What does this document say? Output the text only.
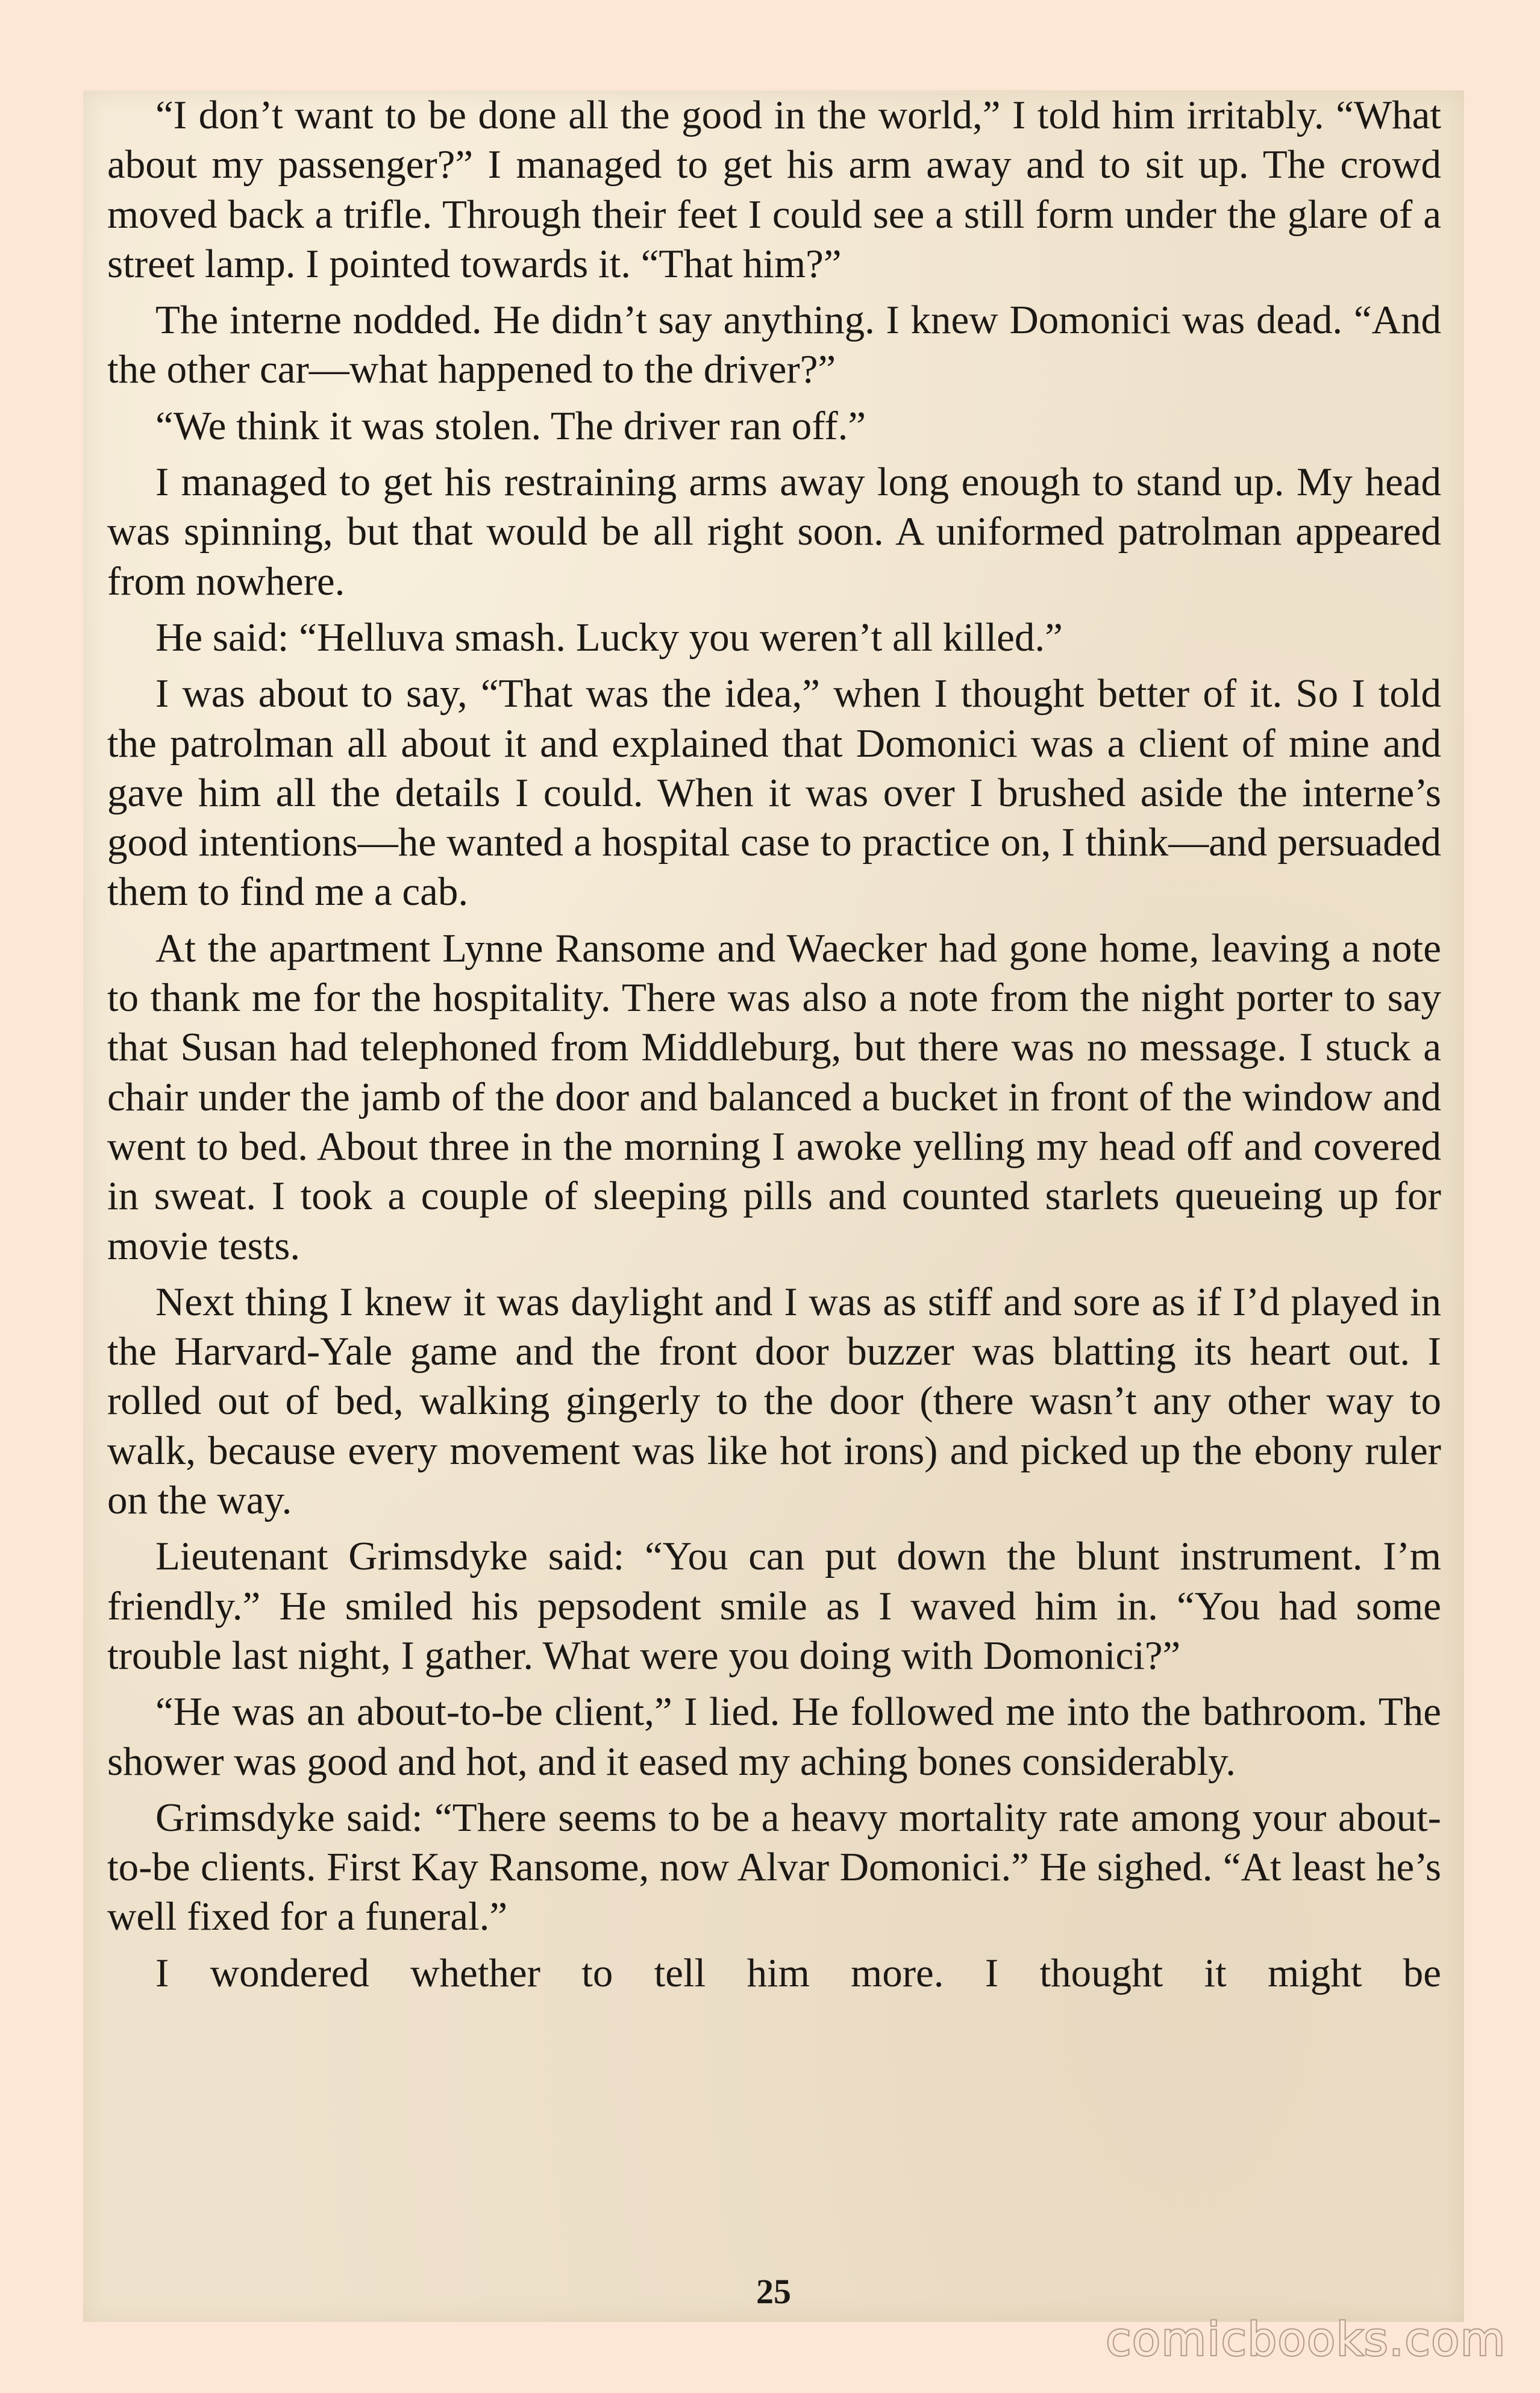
“I don’t want to be done all the good in the world,” I told him irritably. “What about my passenger?” I managed to get his arm away and to sit up. The crowd moved back a trifle. Through their feet I could see a still form under the glare of a street lamp. I pointed towards it. “That him?”

The interne nodded. He didn’t say anything. I knew Domonici was dead. “And the other car—what happened to the driver?”

“We think it was stolen. The driver ran off.”

I managed to get his restraining arms away long enough to stand up. My head was spinning, but that would be all right soon. A uniformed patrolman appeared from nowhere.

He said: “Helluva smash. Lucky you weren’t all killed.”

I was about to say, “That was the idea,” when I thought better of it. So I told the patrolman all about it and explained that Domonici was a client of mine and gave him all the details I could. When it was over I brushed aside the interne’s good intentions—he wanted a hospital case to practice on, I think—and persuaded them to find me a cab.

At the apartment Lynne Ransome and Waecker had gone home, leaving a note to thank me for the hospitality. There was also a note from the night porter to say that Susan had telephoned from Middleburg, but there was no message. I stuck a chair under the jamb of the door and balanced a bucket in front of the window and went to bed. About three in the morning I awoke yelling my head off and covered in sweat. I took a couple of sleeping pills and counted starlets queueing up for movie tests.

Next thing I knew it was daylight and I was as stiff and sore as if I’d played in the Harvard-Yale game and the front door buzzer was blatting its heart out. I rolled out of bed, walking gingerly to the door (there wasn’t any other way to walk, because every movement was like hot irons) and picked up the ebony ruler on the way.

Lieutenant Grimsdyke said: “You can put down the blunt instrument. I’m friendly.” He smiled his pepsodent smile as I waved him in. “You had some trouble last night, I gather. What were you doing with Domonici?”

“He was an about-to-be client,” I lied. He followed me into the bathroom. The shower was good and hot, and it eased my aching bones considerably.

Grimsdyke said: “There seems to be a heavy mortality rate among your about-to-be clients. First Kay Ransome, now Alvar Domonici.” He sighed. “At least he’s well fixed for a funeral.”

I wondered whether to tell him more. I thought it might be

25
comicbooks.com
